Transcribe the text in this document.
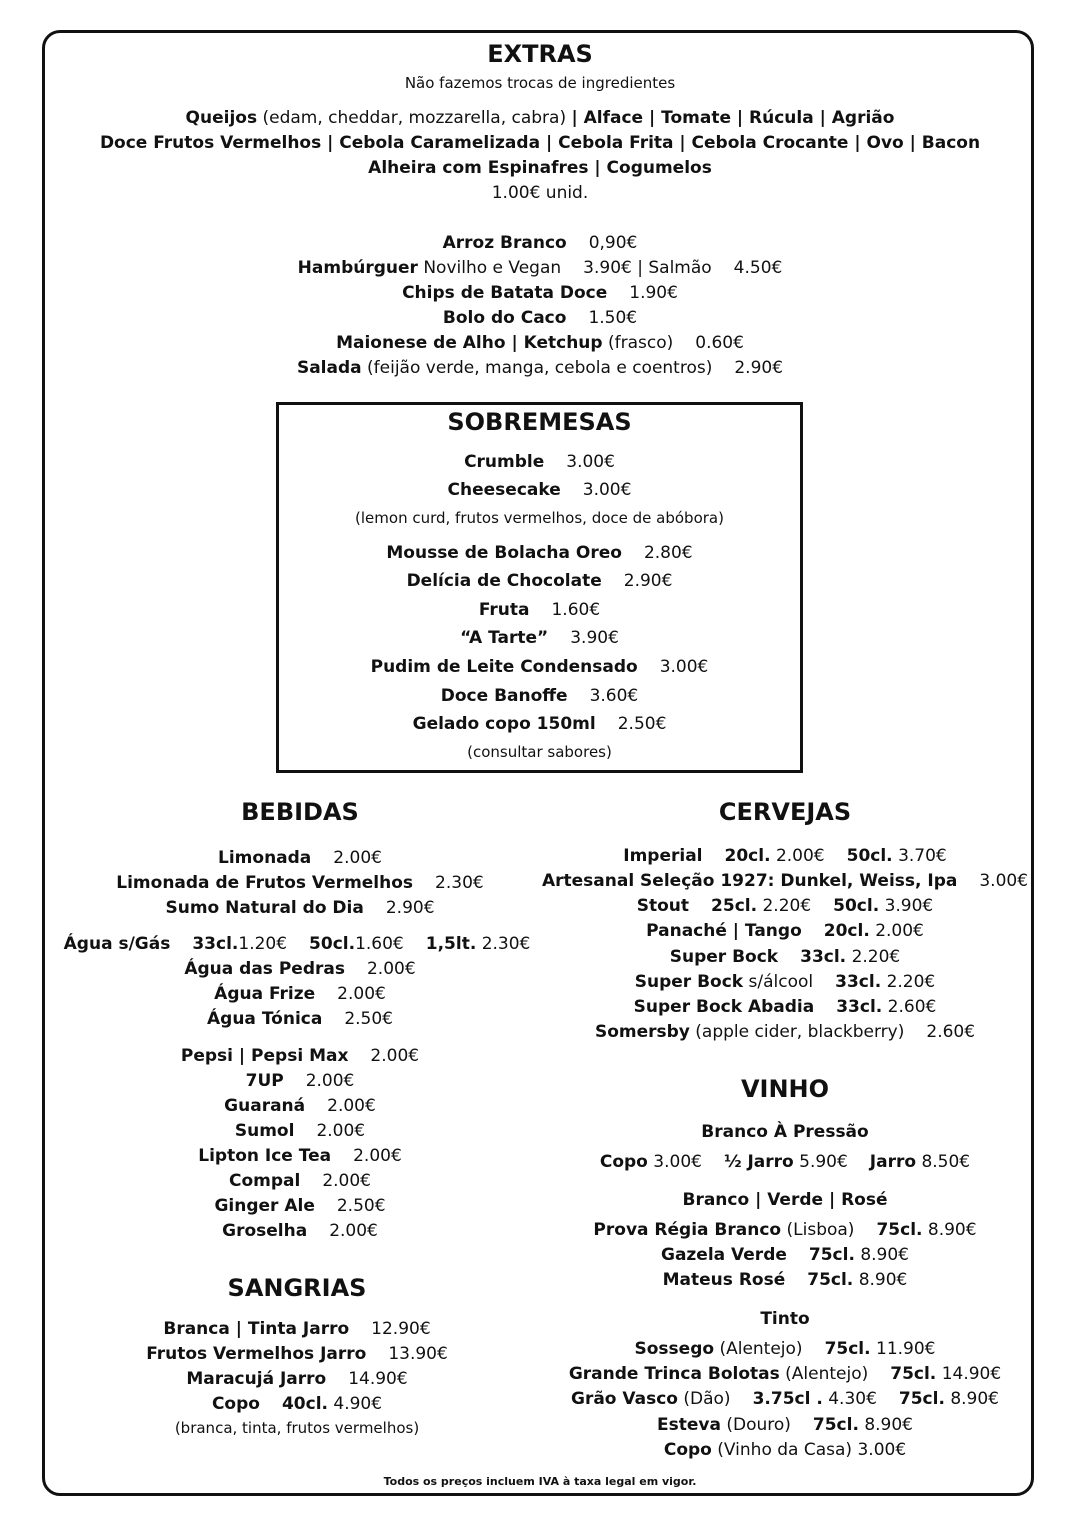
EXTRAS
Não fazemos trocas de ingredientes
Queijos (edam, cheddar, mozzarella, cabra) | Alface | Tomate | Rúcula | Agrião
Doce Frutos Vermelhos | Cebola Caramelizada | Cebola Frita | Cebola Crocante | Ovo | Bacon
Alheira com Espinafres | Cogumelos
1.00€ unid.
Arroz Branco 0,90€
Hambúrguer Novilho e Vegan 3.90€ | Salmão 4.50€
Chips de Batata Doce 1.90€
Bolo do Caco 1.50€
Maionese de Alho | Ketchup (frasco) 0.60€
Salada (feijão verde, manga, cebola e coentros) 2.90€
SOBREMESAS
Crumble 3.00€
Cheesecake 3.00€
(lemon curd, frutos vermelhos, doce de abóbora)
Mousse de Bolacha Oreo 2.80€
Delícia de Chocolate 2.90€
Fruta 1.60€
“A Tarte” 3.90€
Pudim de Leite Condensado 3.00€
Doce Banoffe 3.60€
Gelado copo 150ml 2.50€
(consultar sabores)
BEBIDAS
Limonada 2.00€
Limonada de Frutos Vermelhos 2.30€
Sumo Natural do Dia 2.90€
Água s/Gás 33cl.1.20€ 50cl.1.60€ 1,5lt. 2.30€
Água das Pedras 2.00€
Água Frize 2.00€
Água Tónica 2.50€
Pepsi | Pepsi Max 2.00€
7UP 2.00€
Guaraná 2.00€
Sumol 2.00€
Lipton Ice Tea 2.00€
Compal 2.00€
Ginger Ale 2.50€
Groselha 2.00€
SANGRIAS
Branca | Tinta Jarro 12.90€
Frutos Vermelhos Jarro 13.90€
Maracujá Jarro 14.90€
Copo 40cl. 4.90€
(branca, tinta, frutos vermelhos)
CERVEJAS
Imperial 20cl. 2.00€ 50cl. 3.70€
Artesanal Seleção 1927: Dunkel, Weiss, Ipa 3.00€
Stout 25cl. 2.20€ 50cl. 3.90€
Panaché | Tango 20cl. 2.00€
Super Bock 33cl. 2.20€
Super Bock s/álcool 33cl. 2.20€
Super Bock Abadia 33cl. 2.60€
Somersby (apple cider, blackberry) 2.60€
VINHO
Branco À Pressão
Copo 3.00€ ½ Jarro 5.90€ Jarro 8.50€
Branco | Verde | Rosé
Prova Régia Branco (Lisboa) 75cl. 8.90€
Gazela Verde 75cl. 8.90€
Mateus Rosé 75cl. 8.90€
Tinto
Sossego (Alentejo) 75cl. 11.90€
Grande Trinca Bolotas (Alentejo) 75cl. 14.90€
Grão Vasco (Dão) 3.75cl . 4.30€ 75cl. 8.90€
Esteva (Douro) 75cl. 8.90€
Copo (Vinho da Casa) 3.00€
Todos os preços incluem IVA à taxa legal em vigor.
